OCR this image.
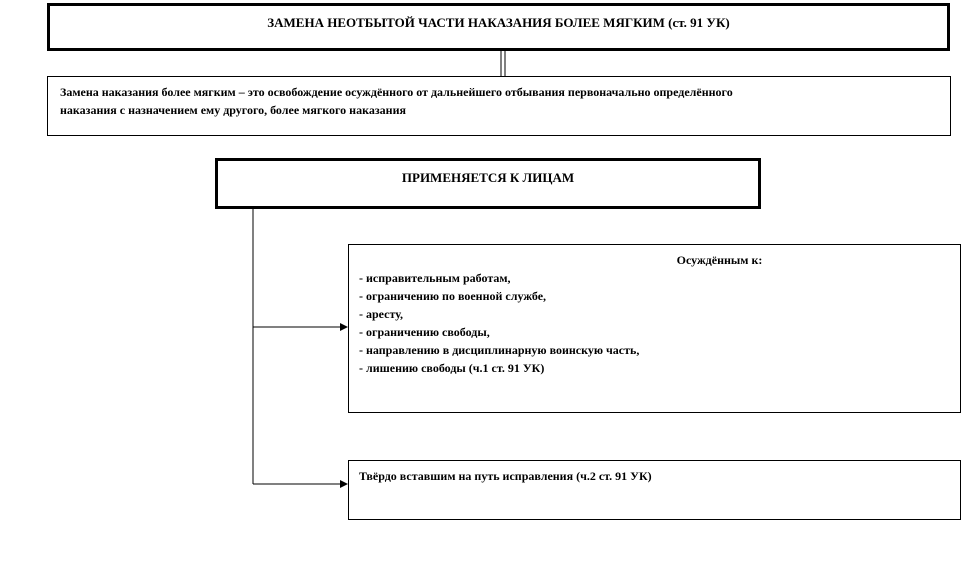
ЗАМЕНА НЕОТБЫТОЙ ЧАСТИ НАКАЗАНИЯ БОЛЕЕ МЯГКИМ (ст. 91 УК)
Замена наказания более мягким – это освобождение осуждённого от дальнейшего отбывания первоначально определённого
наказания с назначением ему другого, более мягкого наказания
ПРИМЕНЯЕТСЯ К ЛИЦАМ
Осуждённым к:
- исправительным работам,
- ограничению по военной службе,
- аресту,
- ограничению свободы,
- направлению в дисциплинарную воинскую часть,
- лишению свободы (ч.1 ст. 91 УК)
Твёрдо вставшим на путь исправления (ч.2 ст. 91 УК)
